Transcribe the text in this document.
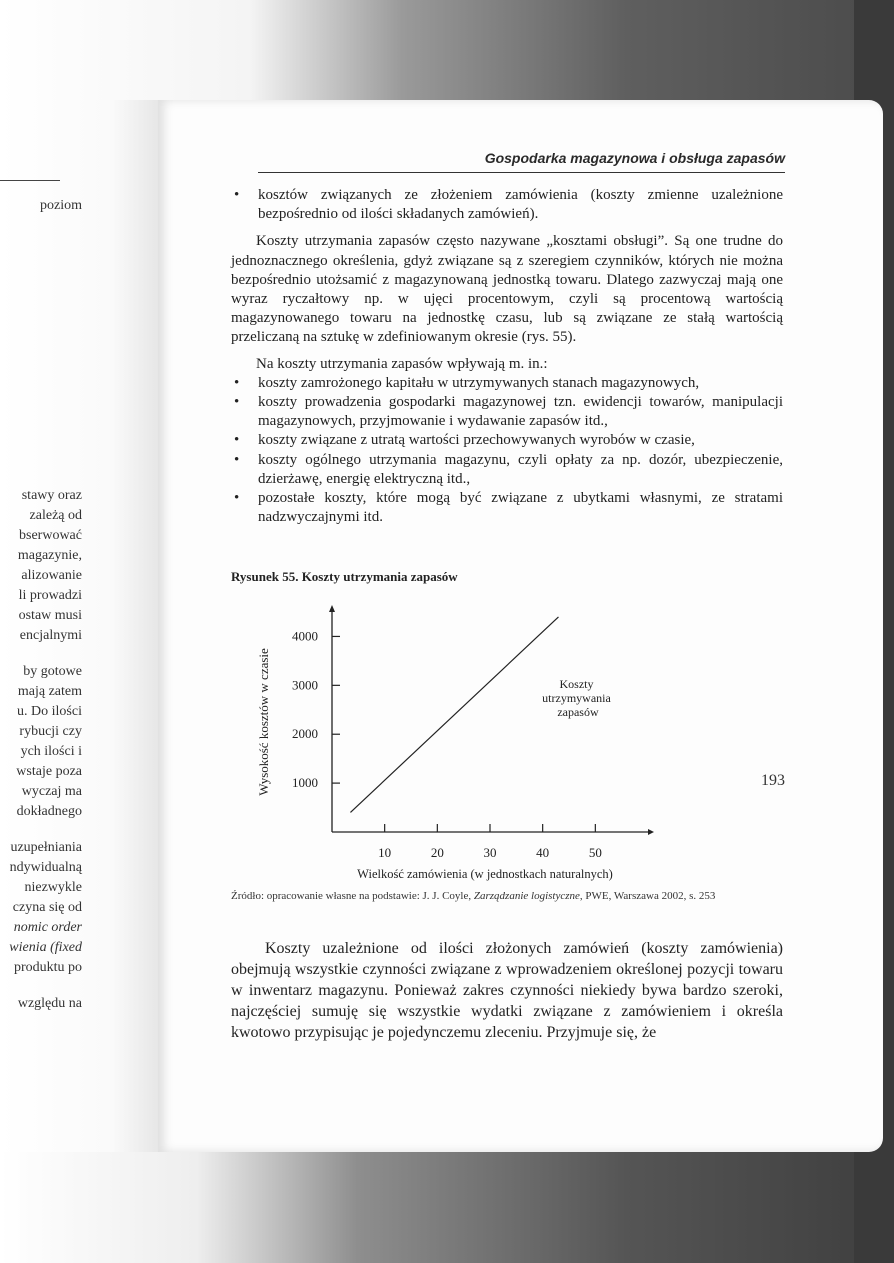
poziom

stawy oraz

zależą od

bserwować

magazynie,

alizowanie

li prowadzi

ostaw musi

encjalnymi

by gotowe

mają zatem

u. Do ilości

rybucji czy

ych ilości i

wstaje poza

wyczaj ma

dokładnego

uzupełniania

ndywidualną

niezwykle

czyna się od

nomic order

wienia (fixed

produktu po

względu na

Gospodarka magazynowa i obsługa zapasów
• kosztów związanych ze złożeniem zamówienia (koszty zmienne uzależnione bezpośrednio od ilości składanych zamówień).

Koszty utrzymania zapasów często nazywane „kosztami obsługi”. Są one trudne do jednoznacznego określenia, gdyż związane są z szeregiem czynników, których nie można bezpośrednio utożsamić z magazynowaną jednostką towaru. Dlatego zazwyczaj mają one wyraz ryczałtowy np. w ujęci procentowym, czyli są procentową wartością magazynowanego towaru na jednostkę czasu, lub są związane ze stałą wartością przeliczaną na sztukę w zdefiniowanym okresie (rys. 55).

Na koszty utrzymania zapasów wpływają m. in.:

• koszty zamrożonego kapitału w utrzymywanych stanach magazynowych,
• koszty prowadzenia gospodarki magazynowej tzn. ewidencji towarów, manipulacji magazynowych, przyjmowanie i wydawanie zapasów itd.,
• koszty związane z utratą wartości przechowywanych wyrobów w czasie,
• koszty ogólnego utrzymania magazynu, czyli opłaty za np. dozór, ubezpieczenie, dzierżawę, energię elektryczną itd.,
• pozostałe koszty, które mogą być związane z ubytkami własnymi, ze stratami nadzwyczajnymi itd.
Rysunek 55. Koszty utrzymania zapasów
1000
2000
3000
4000
10	20	30	40	50
Koszty utrzymywania zapasów
Wysokość kosztów w czasie
Wielkość zamówienia (w jednostkach naturalnych)
Źródło: opracowanie własne na podstawie: J. J. Coyle, Zarządzanie logistyczne, PWE, Warszawa 2002, s. 253

Koszty uzależnione od ilości złożonych zamówień (koszty zamówienia) obejmują wszystkie czynności związane z wprowadzeniem określonej pozycji towaru w inwentarz magazynu. Ponieważ zakres czynności niekiedy bywa bardzo szeroki, najczęściej sumuję się wszystkie wydatki związane z zamówieniem i określa kwotowo przypisując je pojedynczemu zleceniu. Przyjmuje się, że

193
